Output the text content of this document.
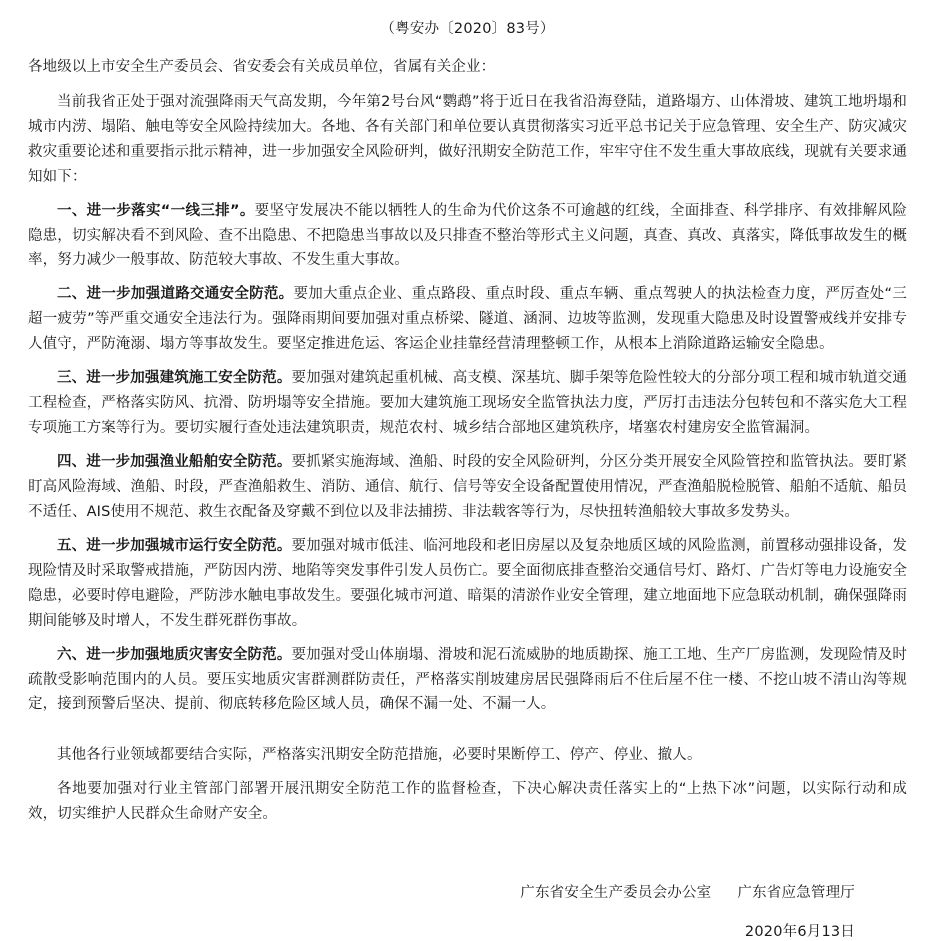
（粤安办〔2020〕83号）
各地级以上市安全生产委员会、省安委会有关成员单位，省属有关企业：

当前我省正处于强对流强降雨天气高发期，今年第2号台风“鹦鹉”将于近日在我省沿海登陆，道路塌方、山体滑坡、建筑工地坍塌和城市内涝、塌陷、触电等安全风险持续加大。各地、各有关部门和单位要认真贯彻落实习近平总书记关于应急管理、安全生产、防灾减灾救灾重要论述和重要指示批示精神，进一步加强安全风险研判，做好汛期安全防范工作，牢牢守住不发生重大事故底线，现就有关要求通知如下：

一、进一步落实“一线三排”。要坚守发展决不能以牺牲人的生命为代价这条不可逾越的红线，全面排查、科学排序、有效排解风险隐患，切实解决看不到风险、查不出隐患、不把隐患当事故以及只排查不整治等形式主义问题，真查、真改、真落实，降低事故发生的概率，努力减少一般事故、防范较大事故、不发生重大事故。

二、进一步加强道路交通安全防范。要加大重点企业、重点路段、重点时段、重点车辆、重点驾驶人的执法检查力度，严厉查处“三超一疲劳”等严重交通安全违法行为。强降雨期间要加强对重点桥梁、隧道、涵洞、边坡等监测，发现重大隐患及时设置警戒线并安排专人值守，严防淹溺、塌方等事故发生。要坚定推进危运、客运企业挂靠经营清理整顿工作，从根本上消除道路运输安全隐患。

三、进一步加强建筑施工安全防范。要加强对建筑起重机械、高支模、深基坑、脚手架等危险性较大的分部分项工程和城市轨道交通工程检查，严格落实防风、抗滑、防坍塌等安全措施。要加大建筑施工现场安全监管执法力度，严厉打击违法分包转包和不落实危大工程专项施工方案等行为。要切实履行查处违法建筑职责，规范农村、城乡结合部地区建筑秩序，堵塞农村建房安全监管漏洞。

四、进一步加强渔业船舶安全防范。要抓紧实施海域、渔船、时段的安全风险研判，分区分类开展安全风险管控和监管执法。要盯紧盯高风险海域、渔船、时段，严查渔船救生、消防、通信、航行、信号等安全设备配置使用情况，严查渔船脱检脱管、船舶不适航、船员不适任、AIS使用不规范、救生衣配备及穿戴不到位以及非法捕捞、非法载客等行为，尽快扭转渔船较大事故多发势头。

五、进一步加强城市运行安全防范。要加强对城市低洼、临河地段和老旧房屋以及复杂地质区域的风险监测，前置移动强排设备，发现险情及时采取警戒措施，严防因内涝、地陷等突发事件引发人员伤亡。要全面彻底排查整治交通信号灯、路灯、广告灯等电力设施安全隐患，必要时停电避险，严防涉水触电事故发生。要强化城市河道、暗渠的清淤作业安全管理，建立地面地下应急联动机制，确保强降雨期间能够及时增人，不发生群死群伤事故。

六、进一步加强地质灾害安全防范。要加强对受山体崩塌、滑坡和泥石流威胁的地质勘探、施工工地、生产厂房监测，发现险情及时疏散受影响范围内的人员。要压实地质灾害群测群防责任，严格落实削坡建房居民强降雨后不住后屋不住一楼、不挖山坡不清山沟等规定，接到预警后坚决、提前、彻底转移危险区域人员，确保不漏一处、不漏一人。

其他各行业领域都要结合实际，严格落实汛期安全防范措施，必要时果断停工、停产、停业、撤人。

各地要加强对行业主管部门部署开展汛期安全防范工作的监督检查，下决心解决责任落实上的“上热下冰”问题，以实际行动和成效，切实维护人民群众生命财产安全。

广东省安全生产委员会办公室 广东省应急管理厅
2020年6月13日
